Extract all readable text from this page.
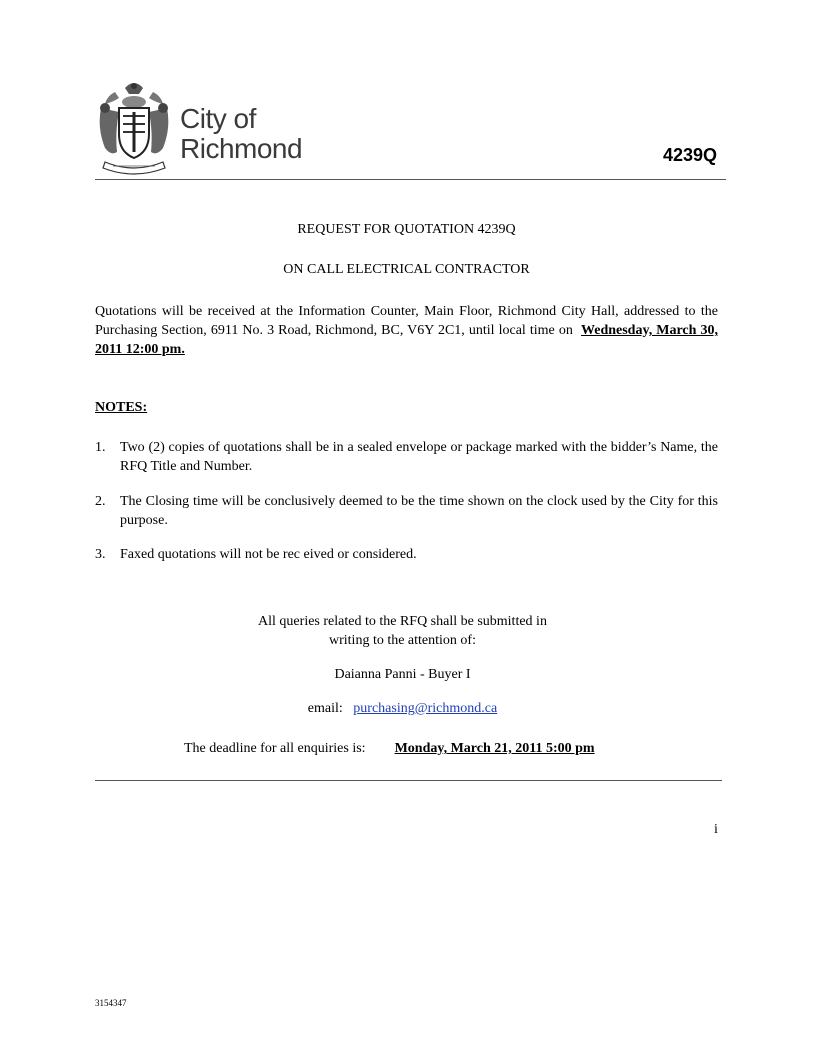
City of
Richmond	4239Q
REQUEST FOR QUOTATION 4239Q
ON CALL ELECTRICAL CONTRACTOR
Quotations will be received at the Information Counter, Main Floor, Richmond City Hall, addressed to the Purchasing Section, 6911 No. 3 Road, Richmond, BC, V6Y 2C1, until local time on Wednesday, March 30, 2011 12:00 pm.
NOTES:
1. Two (2) copies of quotations shall be in a sealed envelope or package marked with the bidder’s Name, the RFQ Title and Number.
2. The Closing time will be conclusively deemed to be the time shown on the clock used by the City for this purpose.
3. Faxed quotations will not be rec eived or considered.
All queries related to the RFQ shall be submitted in
writing to the attention of:
Daianna Panni - Buyer I
email: purchasing@richmond.ca
The deadline for all enquiries is: Monday, March 21, 2011 5:00 pm
i
3154347
